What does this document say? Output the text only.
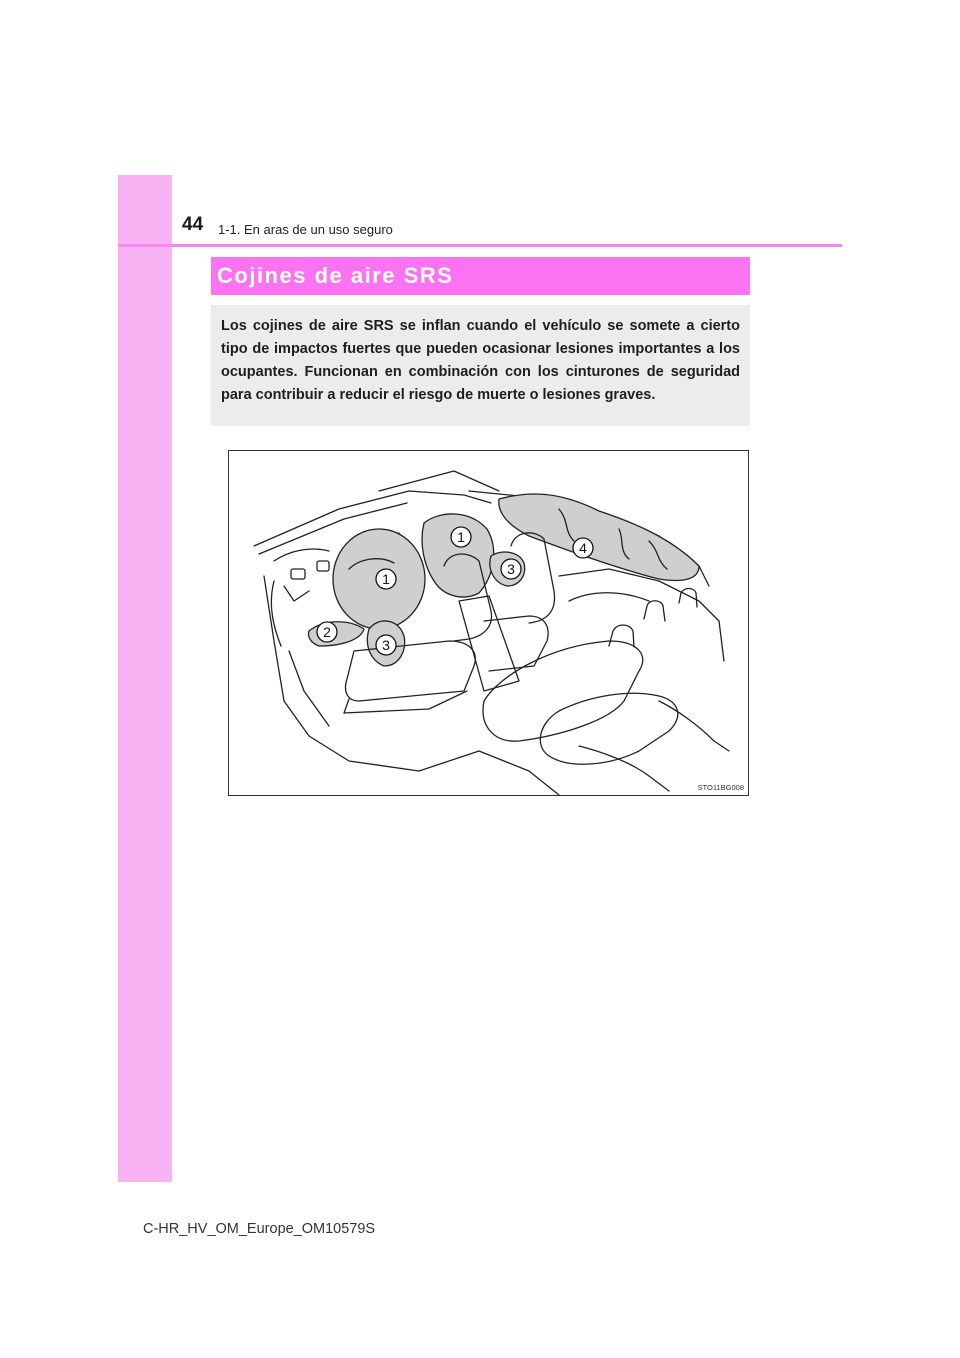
44 1-1. En aras de un uso seguro
Cojines de aire SRS

Los cojines de aire SRS se inflan cuando el vehículo se somete a cierto tipo de impactos fuertes que pueden ocasionar lesiones importantes a los ocupantes. Funcionan en combinación con los cinturones de seguridad para contribuir a reducir el riesgo de muerte o lesiones graves.

1
1
2
3
3
4
STO11BG008
C-HR_HV_OM_Europe_OM10579S
